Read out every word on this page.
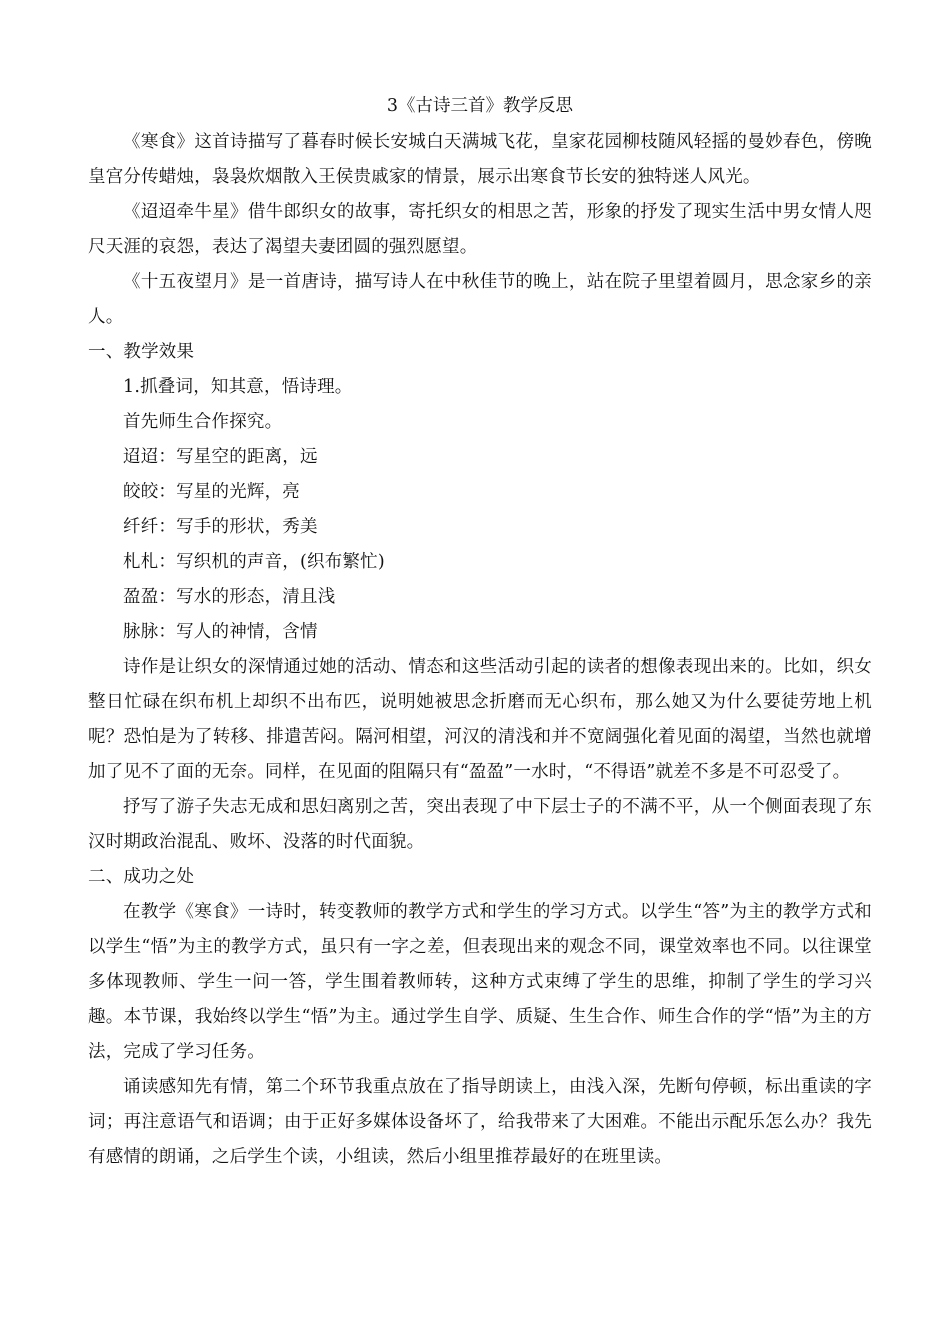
3《古诗三首》教学反思

《寒食》这首诗描写了暮春时候长安城白天满城飞花，皇家花园柳枝随风轻摇的曼妙春色，傍晚皇宫分传蜡烛，袅袅炊烟散入王侯贵戚家的情景，展示出寒食节长安的独特迷人风光。

《迢迢牵牛星》借牛郎织女的故事，寄托织女的相思之苦，形象的抒发了现实生活中男女情人咫尺天涯的哀怨，表达了渴望夫妻团圆的强烈愿望。

《十五夜望月》是一首唐诗，描写诗人在中秋佳节的晚上，站在院子里望着圆月，思念家乡的亲人。

一、教学效果

1.抓叠词，知其意，悟诗理。

首先师生合作探究。

迢迢：写星空的距离，远

皎皎：写星的光辉，亮

纤纤：写手的形状，秀美

札札：写织机的声音，(织布繁忙)

盈盈：写水的形态，清且浅

脉脉：写人的神情，含情

诗作是让织女的深情通过她的活动、情态和这些活动引起的读者的想像表现出来的。比如，织女整日忙碌在织布机上却织不出布匹，说明她被思念折磨而无心织布，那么她又为什么要徒劳地上机呢？恐怕是为了转移、排遣苦闷。隔河相望，河汉的清浅和并不宽阔强化着见面的渴望，当然也就增加了见不了面的无奈。同样，在见面的阻隔只有“盈盈”一水时，“不得语”就差不多是不可忍受了。

抒写了游子失志无成和思妇离别之苦，突出表现了中下层士子的不满不平，从一个侧面表现了东汉时期政治混乱、败坏、没落的时代面貌。

二、成功之处

在教学《寒食》一诗时，转变教师的教学方式和学生的学习方式。以学生“答”为主的教学方式和以学生“悟”为主的教学方式，虽只有一字之差，但表现出来的观念不同，课堂效率也不同。以往课堂多体现教师、学生一问一答，学生围着教师转，这种方式束缚了学生的思维，抑制了学生的学习兴趣。本节课，我始终以学生“悟”为主。通过学生自学、质疑、生生合作、师生合作的学“悟”为主的方法，完成了学习任务。

诵读感知先有情，第二个环节我重点放在了指导朗读上，由浅入深，先断句停顿，标出重读的字词；再注意语气和语调；由于正好多媒体设备坏了，给我带来了大困难。不能出示配乐怎么办？我先有感情的朗诵，之后学生个读，小组读，然后小组里推荐最好的在班里读。
